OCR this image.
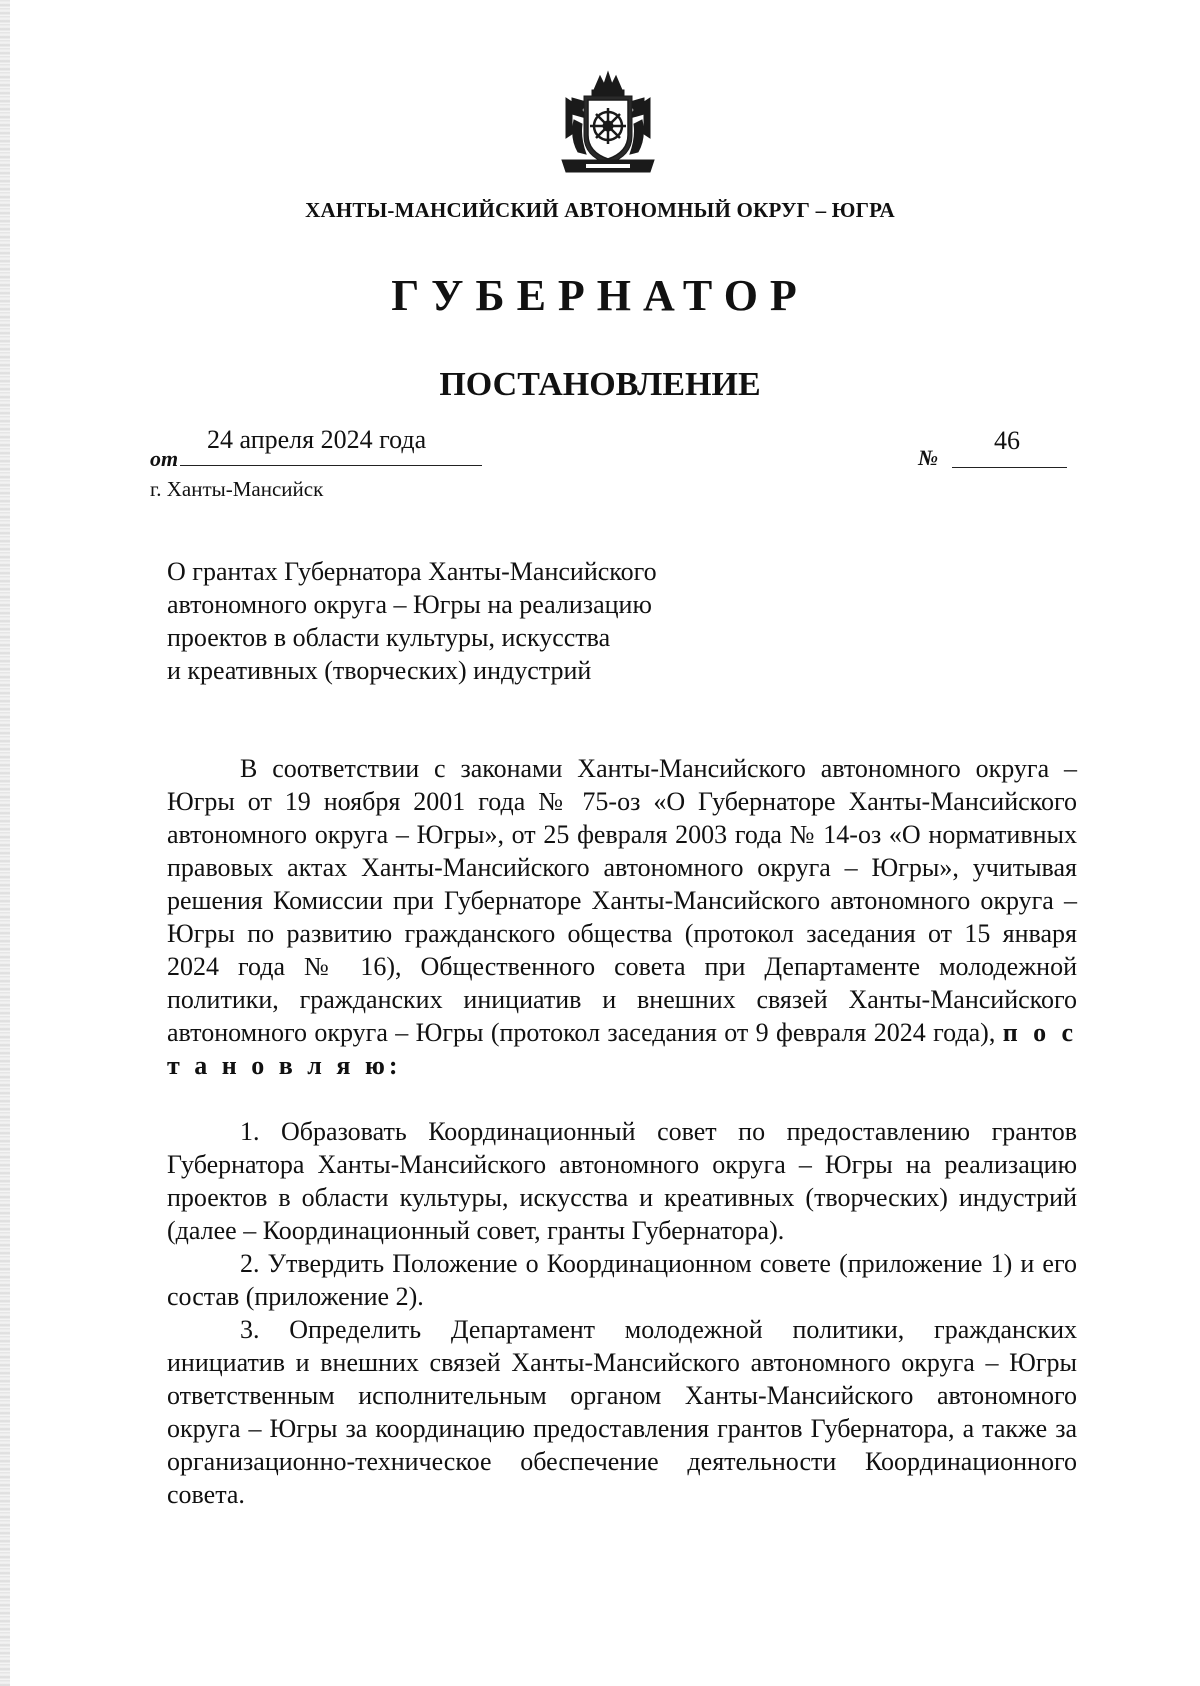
ХАНТЫ-МАНСИЙСКИЙ АВТОНОМНЫЙ ОКРУГ – ЮГРА
ГУБЕРНАТОР
ПОСТАНОВЛЕНИЕ
от
24 апреля 2024 года
№
46
г. Ханты-Мансийск
О грантах Губернатора Ханты-Мансийского
автономного округа – Югры на реализацию
проектов в области культуры, искусства
и креативных (творческих) индустрий

В соответствии с законами Ханты-Мансийского автономного округа – Югры от 19 ноября 2001 года № 75-оз «О Губернаторе Ханты-Мансийского автономного округа – Югры», от 25 февраля 2003 года № 14-оз «О нормативных правовых актах Ханты-Мансийского автономного округа – Югры», учитывая решения Комиссии при Губернаторе Ханты-Мансийского автономного округа – Югры по развитию гражданского общества (протокол заседания от 15 января 2024 года № 16), Общественного совета при Департаменте молодежной политики, гражданских инициатив и внешних связей Ханты-Мансийского автономного округа – Югры (протокол заседания от 9 февраля 2024 года), п о с т а н о в л я ю:

1. Образовать Координационный совет по предоставлению грантов Губернатора Ханты-Мансийского автономного округа – Югры на реализацию проектов в области культуры, искусства и креативных (творческих) индустрий (далее – Координационный совет, гранты Губернатора).

2. Утвердить Положение о Координационном совете (приложение 1) и его состав (приложение 2).

3. Определить Департамент молодежной политики, гражданских инициатив и внешних связей Ханты-Мансийского автономного округа – Югры ответственным исполнительным органом Ханты-Мансийского автономного округа – Югры за координацию предоставления грантов Губернатора, а также за организационно-техническое обеспечение деятельности Координационного совета.
